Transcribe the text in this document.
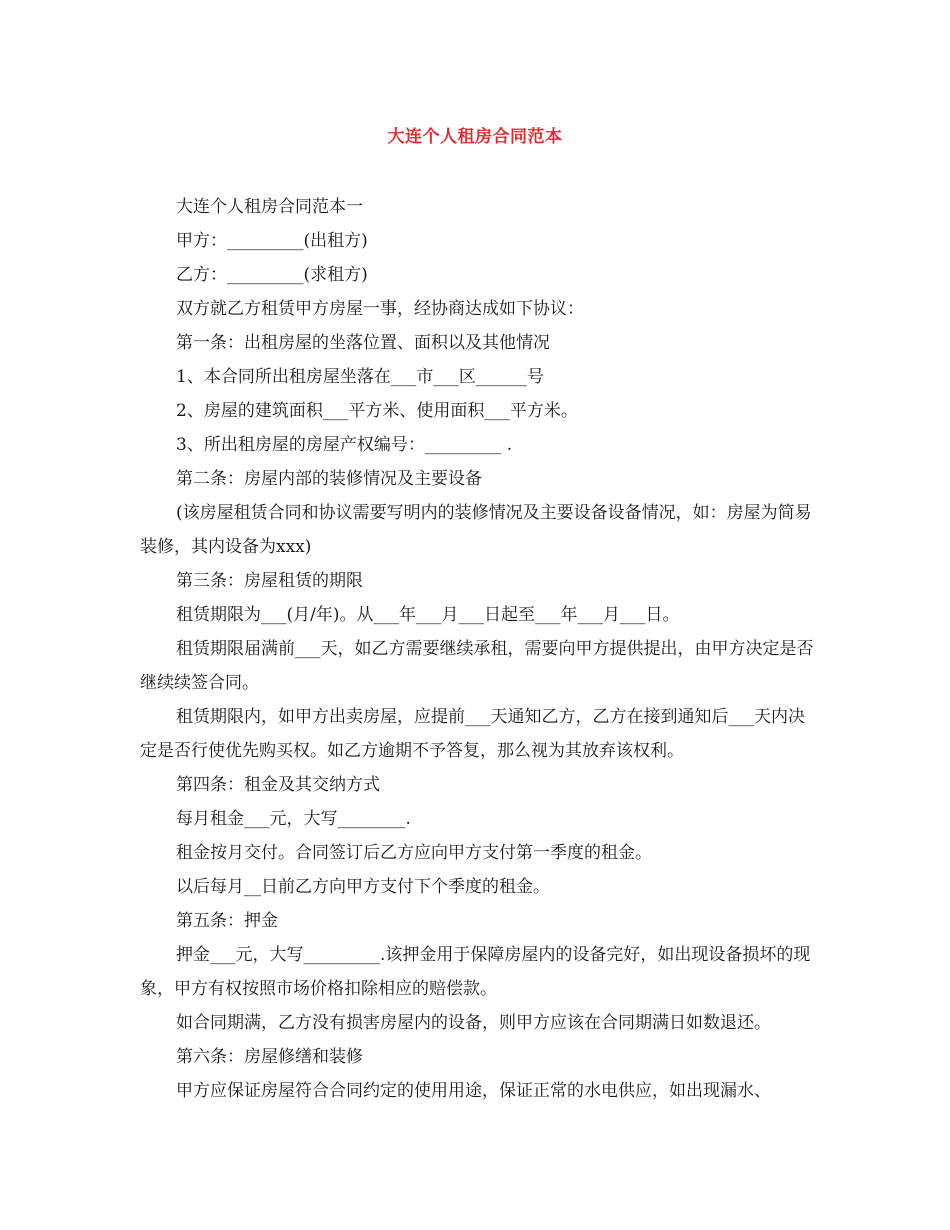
大连个人租房合同范本

大连个人租房合同范本一

甲方：_________(出租方)

乙方：_________(求租方)

双方就乙方租赁甲方房屋一事，经协商达成如下协议：

第一条：出租房屋的坐落位置、面积以及其他情况

1、本合同所出租房屋坐落在___市___区______号

2、房屋的建筑面积___平方米、使用面积___平方米。

3、所出租房屋的房屋产权编号：_________ .

第二条：房屋内部的装修情况及主要设备

(该房屋租赁合同和协议需要写明内的装修情况及主要设备设备情况，如：房屋为简易装修，其内设备为xxx)

第三条：房屋租赁的期限

租赁期限为___(月/年)。从___年___月___日起至___年___月___日。

租赁期限届满前___天，如乙方需要继续承租，需要向甲方提供提出，由甲方决定是否继续续签合同。

租赁期限内，如甲方出卖房屋，应提前___天通知乙方，乙方在接到通知后___天内决定是否行使优先购买权。如乙方逾期不予答复，那么视为其放弃该权利。

第四条：租金及其交纳方式

每月租金___元，大写________.

租金按月交付。合同签订后乙方应向甲方支付第一季度的租金。

以后每月__日前乙方向甲方支付下个季度的租金。

第五条：押金

押金___元，大写_________.该押金用于保障房屋内的设备完好，如出现设备损坏的现象，甲方有权按照市场价格扣除相应的赔偿款。

如合同期满，乙方没有损害房屋内的设备，则甲方应该在合同期满日如数退还。

第六条：房屋修缮和装修

甲方应保证房屋符合合同约定的使用用途，保证正常的水电供应，如出现漏水、
